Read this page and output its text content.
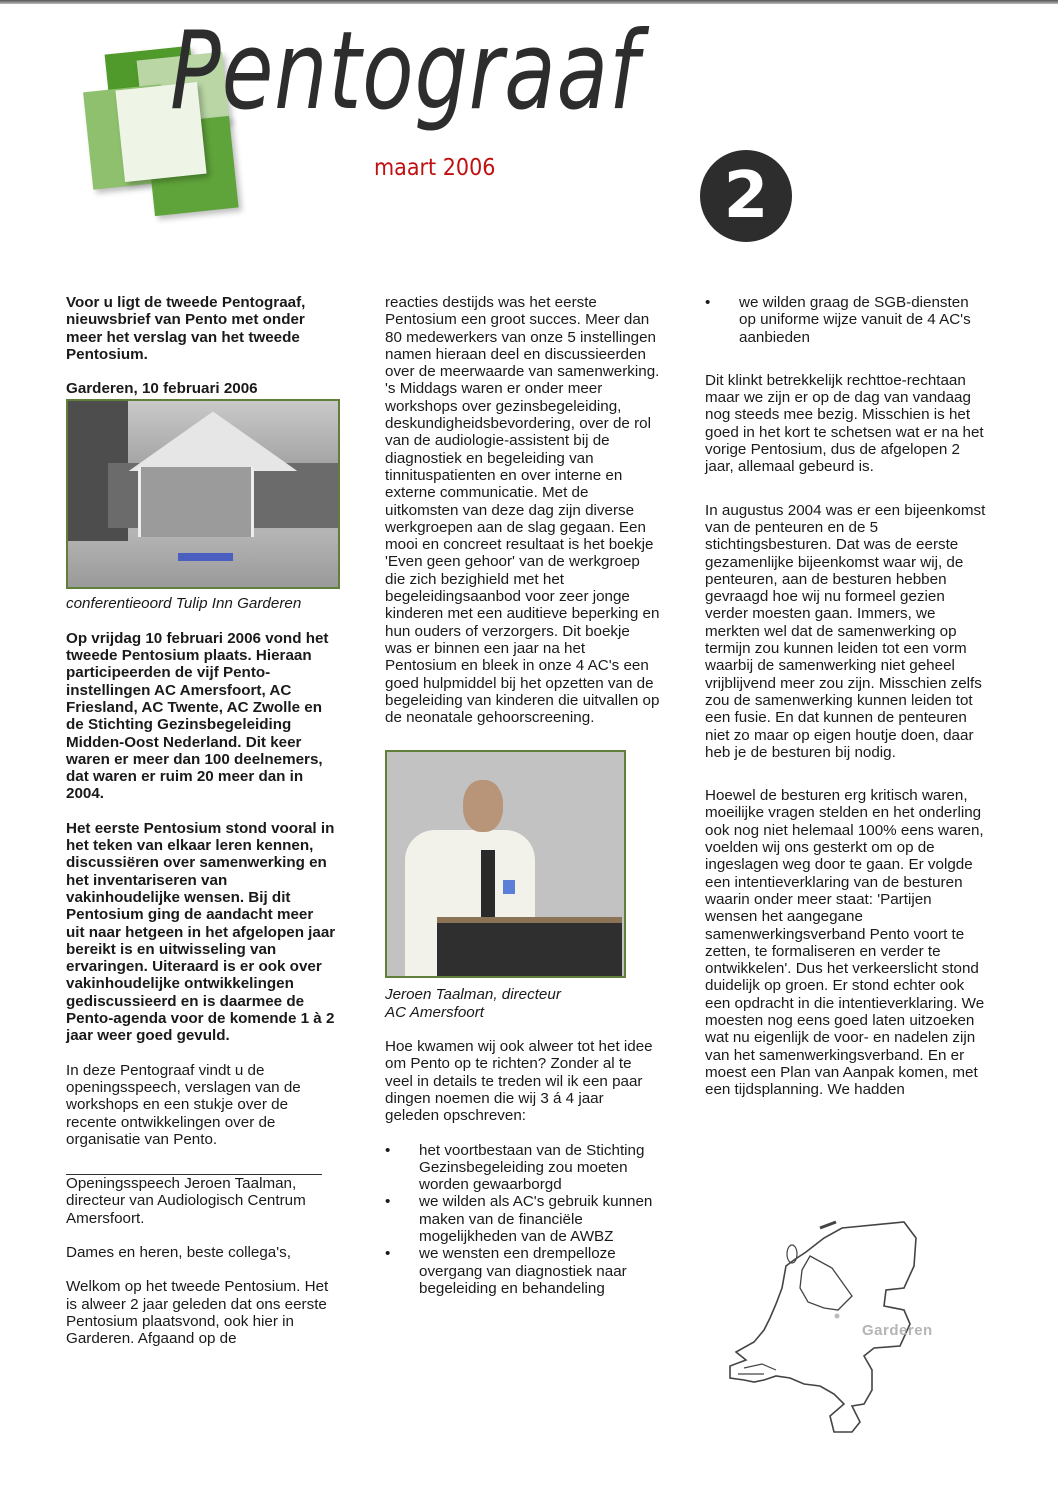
Pentograaf
maart 2006	2

Voor u ligt de tweede Pentograaf, nieuwsbrief van Pento met onder meer het verslag van het tweede Pentosium.

Garderen, 10 februari 2006

conferentieoord Tulip Inn Garderen

Op vrijdag 10 februari 2006 vond het tweede Pentosium plaats. Hieraan participeerden de vijf Pento-instellingen AC Amersfoort, AC Friesland, AC Twente, AC Zwolle en de Stichting Gezinsbegeleiding Midden-Oost Nederland. Dit keer waren er meer dan 100 deelnemers, dat waren er ruim 20 meer dan in 2004.

Het eerste Pentosium stond vooral in het teken van elkaar leren kennen, discussiëren over samenwerking en het inventariseren van vakinhoudelijke wensen. Bij dit Pentosium ging de aandacht meer uit naar hetgeen in het afgelopen jaar bereikt is en uitwisseling van ervaringen. Uiteraard is er ook over vakinhoudelijke ontwikkelingen gediscussieerd en is daarmee de Pento-agenda voor de komende 1 à 2 jaar weer goed gevuld.

In deze Pentograaf vindt u de openingsspeech, verslagen van de workshops en een stukje over de recente ontwikkelingen over de organisatie van Pento.

Openingsspeech Jeroen Taalman, directeur van Audiologisch Centrum Amersfoort.

Dames en heren, beste collega's,

Welkom op het tweede Pentosium. Het is alweer 2 jaar geleden dat ons eerste Pentosium plaatsvond, ook hier in Garderen. Afgaand op de

reacties destijds was het eerste Pentosium een groot succes. Meer dan 80 medewerkers van onze 5 instellingen namen hieraan deel en discussieerden over de meerwaarde van samenwerking. 's Middags waren er onder meer workshops over gezinsbegeleiding, deskundigheidsbevordering, over de rol van de audiologie-assistent bij de diagnostiek en begeleiding van tinnituspatienten en over interne en externe communicatie. Met de uitkomsten van deze dag zijn diverse werkgroepen aan de slag gegaan. Een mooi en concreet resultaat is het boekje 'Even geen gehoor' van de werkgroep die zich bezighield met het begeleidingsaanbod voor zeer jonge kinderen met een auditieve beperking en hun ouders of verzorgers. Dit boekje was er binnen een jaar na het Pentosium en bleek in onze 4 AC's een goed hulpmiddel bij het opzetten van de begeleiding van kinderen die uitvallen op de neonatale gehoorscreening.

Jeroen Taalman, directeur
AC Amersfoort

Hoe kwamen wij ook alweer tot het idee om Pento op te richten? Zonder al te veel in details te treden wil ik een paar dingen noemen die wij 3 á 4 jaar geleden opschreven:

• het voortbestaan van de Stichting Gezinsbegeleiding zou moeten worden gewaarborgd
• we wilden als AC's gebruik kunnen maken van de financiële mogelijkheden van de AWBZ
• we wensten een drempelloze overgang van diagnostiek naar begeleiding en behandeling
• we wilden graag de SGB-diensten op uniforme wijze vanuit de 4 AC's aanbieden

Dit klinkt betrekkelijk rechttoe-rechtaan maar we zijn er op de dag van vandaag nog steeds mee bezig. Misschien is het goed in het kort te schetsen wat er na het vorige Pentosium, dus de afgelopen 2 jaar, allemaal gebeurd is.

In augustus 2004 was er een bijeenkomst van de penteuren en de 5 stichtingsbesturen. Dat was de eerste gezamenlijke bijeenkomst waar wij, de penteuren, aan de besturen hebben gevraagd hoe wij nu formeel gezien verder moesten gaan. Immers, we merkten wel dat de samenwerking op termijn zou kunnen leiden tot een vorm waarbij de samenwerking niet geheel vrijblijvend meer zou zijn. Misschien zelfs zou de samenwerking kunnen leiden tot een fusie. En dat kunnen de penteuren niet zo maar op eigen houtje doen, daar heb je de besturen bij nodig.

Hoewel de besturen erg kritisch waren, moeilijke vragen stelden en het onderling ook nog niet helemaal 100% eens waren, voelden wij ons gesterkt om op de ingeslagen weg door te gaan. Er volgde een intentieverklaring van de besturen waarin onder meer staat: 'Partijen wensen het aangegane samenwerkingsverband Pento voort te zetten, te formaliseren en verder te ontwikkelen'. Dus het verkeerslicht stond duidelijk op groen. Er stond echter ook een opdracht in die intentieverklaring. We moesten nog eens goed laten uitzoeken wat nu eigenlijk de voor- en nadelen zijn van het samenwerkingsverband. En er moest een Plan van Aanpak komen, met een tijdsplanning. We hadden

Garderen
